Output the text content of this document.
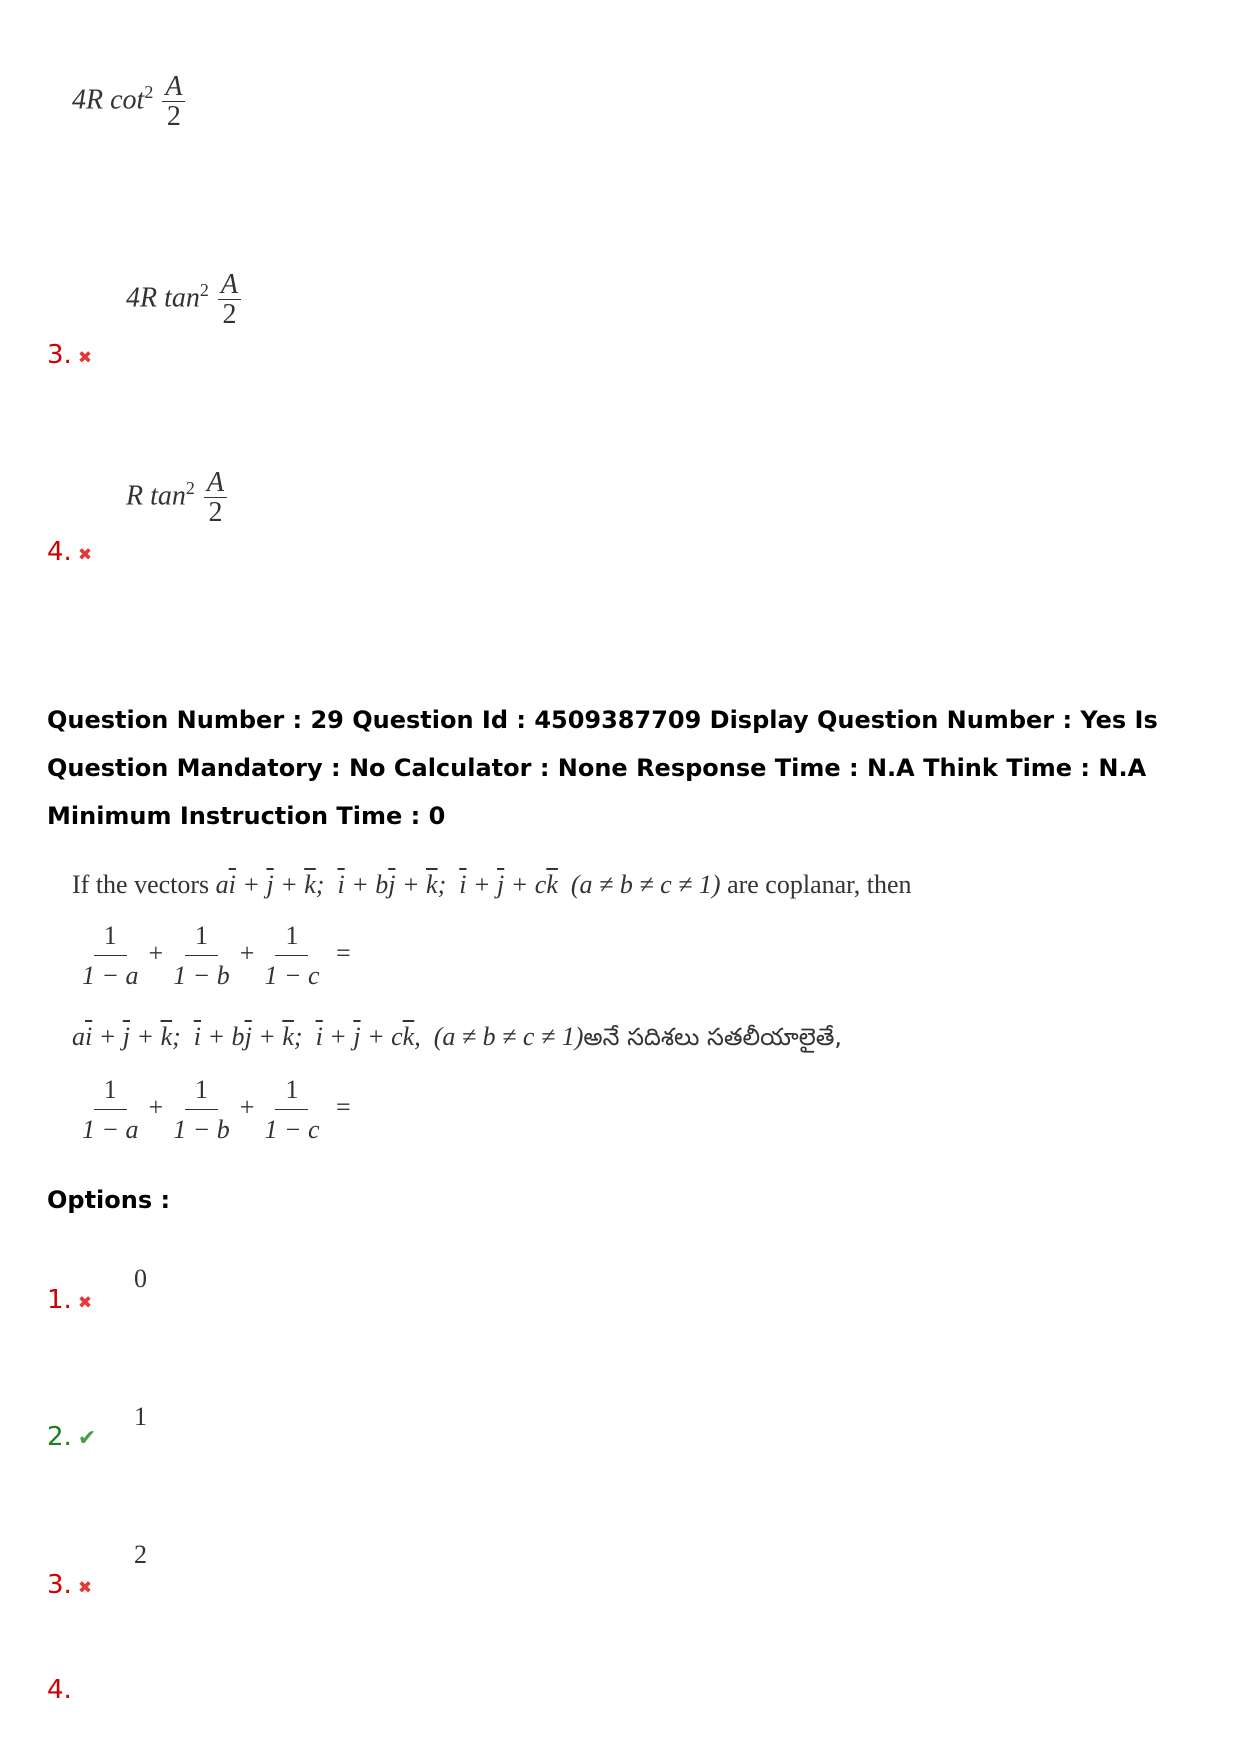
4R $\cot^2 \frac{A}{2}$
4R $\tan^2 \frac{A}{2}$
3. ✖
R $\tan^2 \frac{A}{2}$
4. ✖
Question Number : 29 Question Id : 4509387709 Display Question Number : Yes Is Question Mandatory : No Calculator : None Response Time : N.A Think Time : N.A Minimum Instruction Time : 0
If the vectors $a\overline{i} + \overline{j} + \overline{k}$; $\overline{i} + b\overline{j} + \overline{k}$; $\overline{i} + \overline{j} + c\overline{k}$ (a ≠ b ≠ c ≠ 1) are coplanar, then
$\frac{1}{1 - a} + \frac{1}{1 - b} + \frac{1}{1 - c}$ =
$a\overline{i} + \overline{j} + \overline{k}$; $\overline{i} + b\overline{j} + \overline{k}$; $\overline{i} + \overline{j} + c\overline{k}$, (a ≠ b ≠ c ≠ 1)అనే సదిశలు సతలీయాలైతే,
$\frac{1}{1 - a} + \frac{1}{1 - b} + \frac{1}{1 - c}$ =
Options :
0
1. ✖
1
2. ✔
2
3. ✖
4.
